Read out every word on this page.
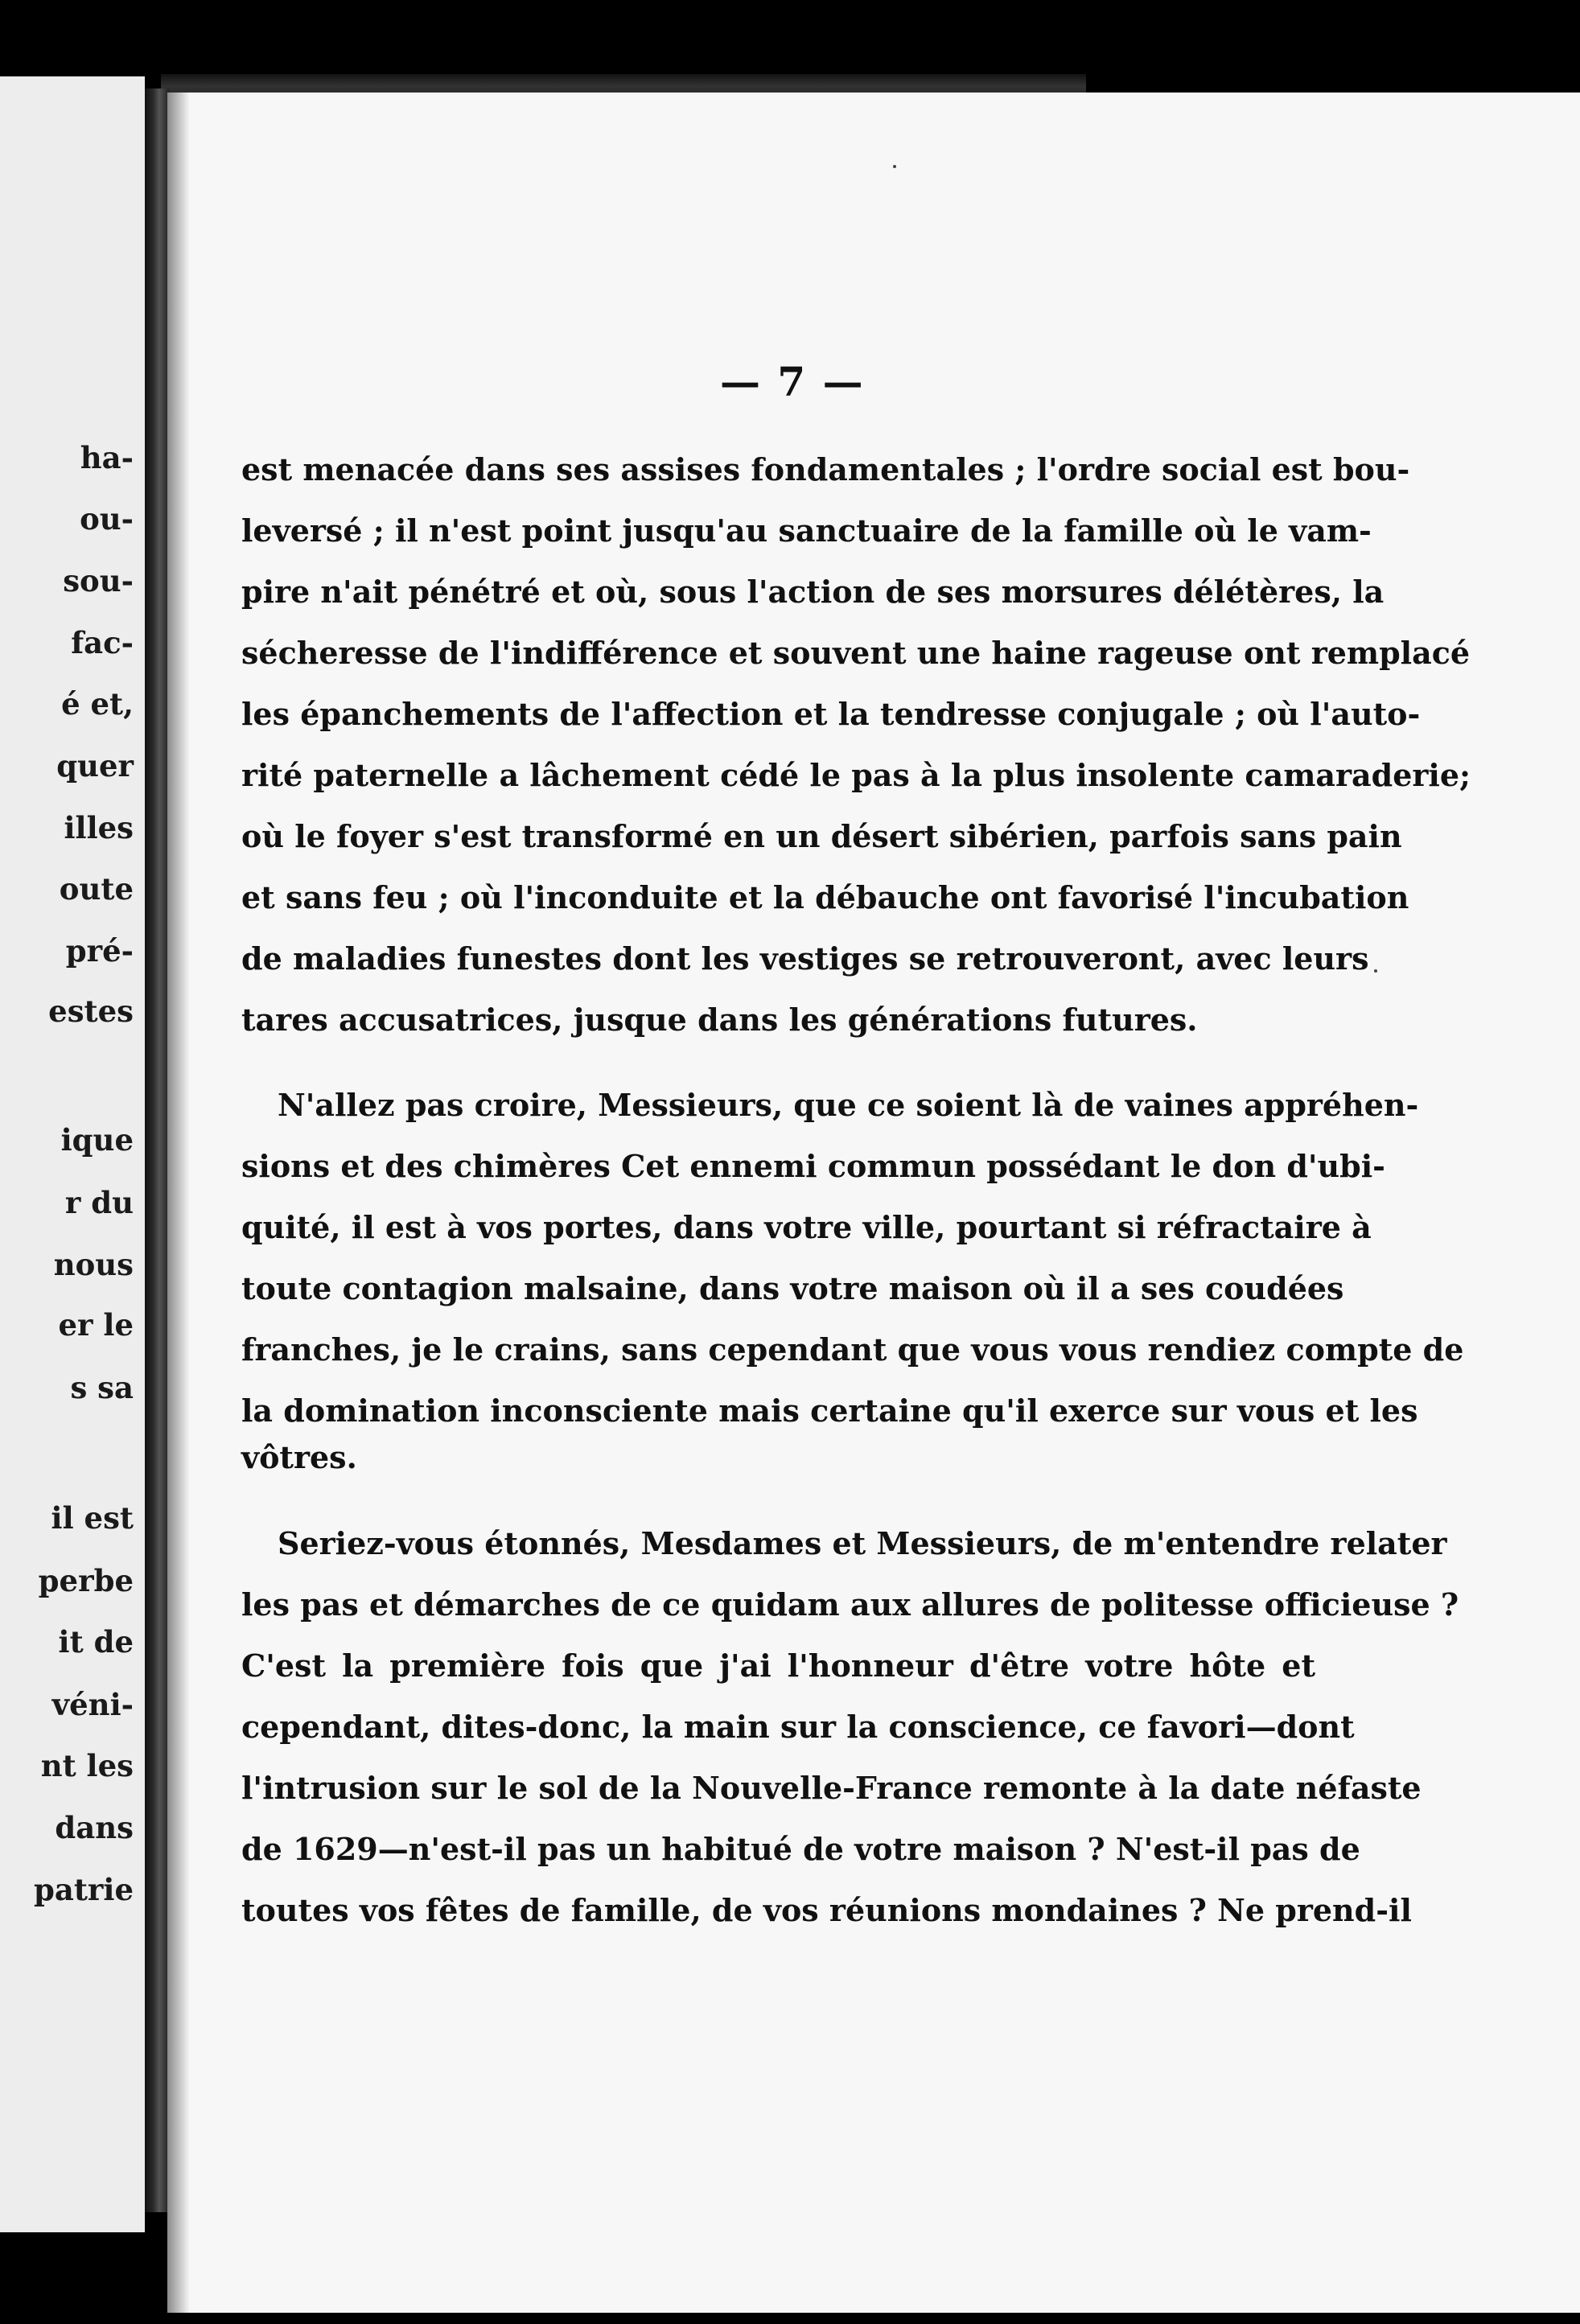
ha-
ou-
sou-
fac-
é et,
quer
illes
oute
pré-
estes
ique
r du
nous
er le
s sa
il est
perbe
it de
véni-
nt les
dans
patrie
— 7 —
est menacée dans ses assises fondamentales ; l'ordre social est bou-
leversé ; il n'est point jusqu'au sanctuaire de la famille où le vam-
pire n'ait pénétré et où, sous l'action de ses morsures délétères, la
sécheresse de l'indifférence et souvent une haine rageuse ont remplacé
les épanchements de l'affection et la tendresse conjugale ; où l'auto-
rité paternelle a lâchement cédé le pas à la plus insolente camaraderie;
où le foyer s'est transformé en un désert sibérien, parfois sans pain
et sans feu ; où l'inconduite et la débauche ont favorisé l'incubation
de maladies funestes dont les vestiges se retrouveront, avec leurs
tares accusatrices, jusque dans les générations futures.
N'allez pas croire, Messieurs, que ce soient là de vaines appréhen-
sions et des chimères Cet ennemi commun possédant le don d'ubi-
quité, il est à vos portes, dans votre ville, pourtant si réfractaire à
toute contagion malsaine, dans votre maison où il a ses coudées
franches, je le crains, sans cependant que vous vous rendiez compte de
la domination inconsciente mais certaine qu'il exerce sur vous et les
vôtres.
Seriez-vous étonnés, Mesdames et Messieurs, de m'entendre relater
les pas et démarches de ce quidam aux allures de politesse officieuse ?
C'est la première fois que j'ai l'honneur d'être votre hôte et
cependant, dites-donc, la main sur la conscience, ce favori—dont
l'intrusion sur le sol de la Nouvelle-France remonte à la date néfaste
de 1629—n'est-il pas un habitué de votre maison ? N'est-il pas de
toutes vos fêtes de famille, de vos réunions mondaines ? Ne prend-il
